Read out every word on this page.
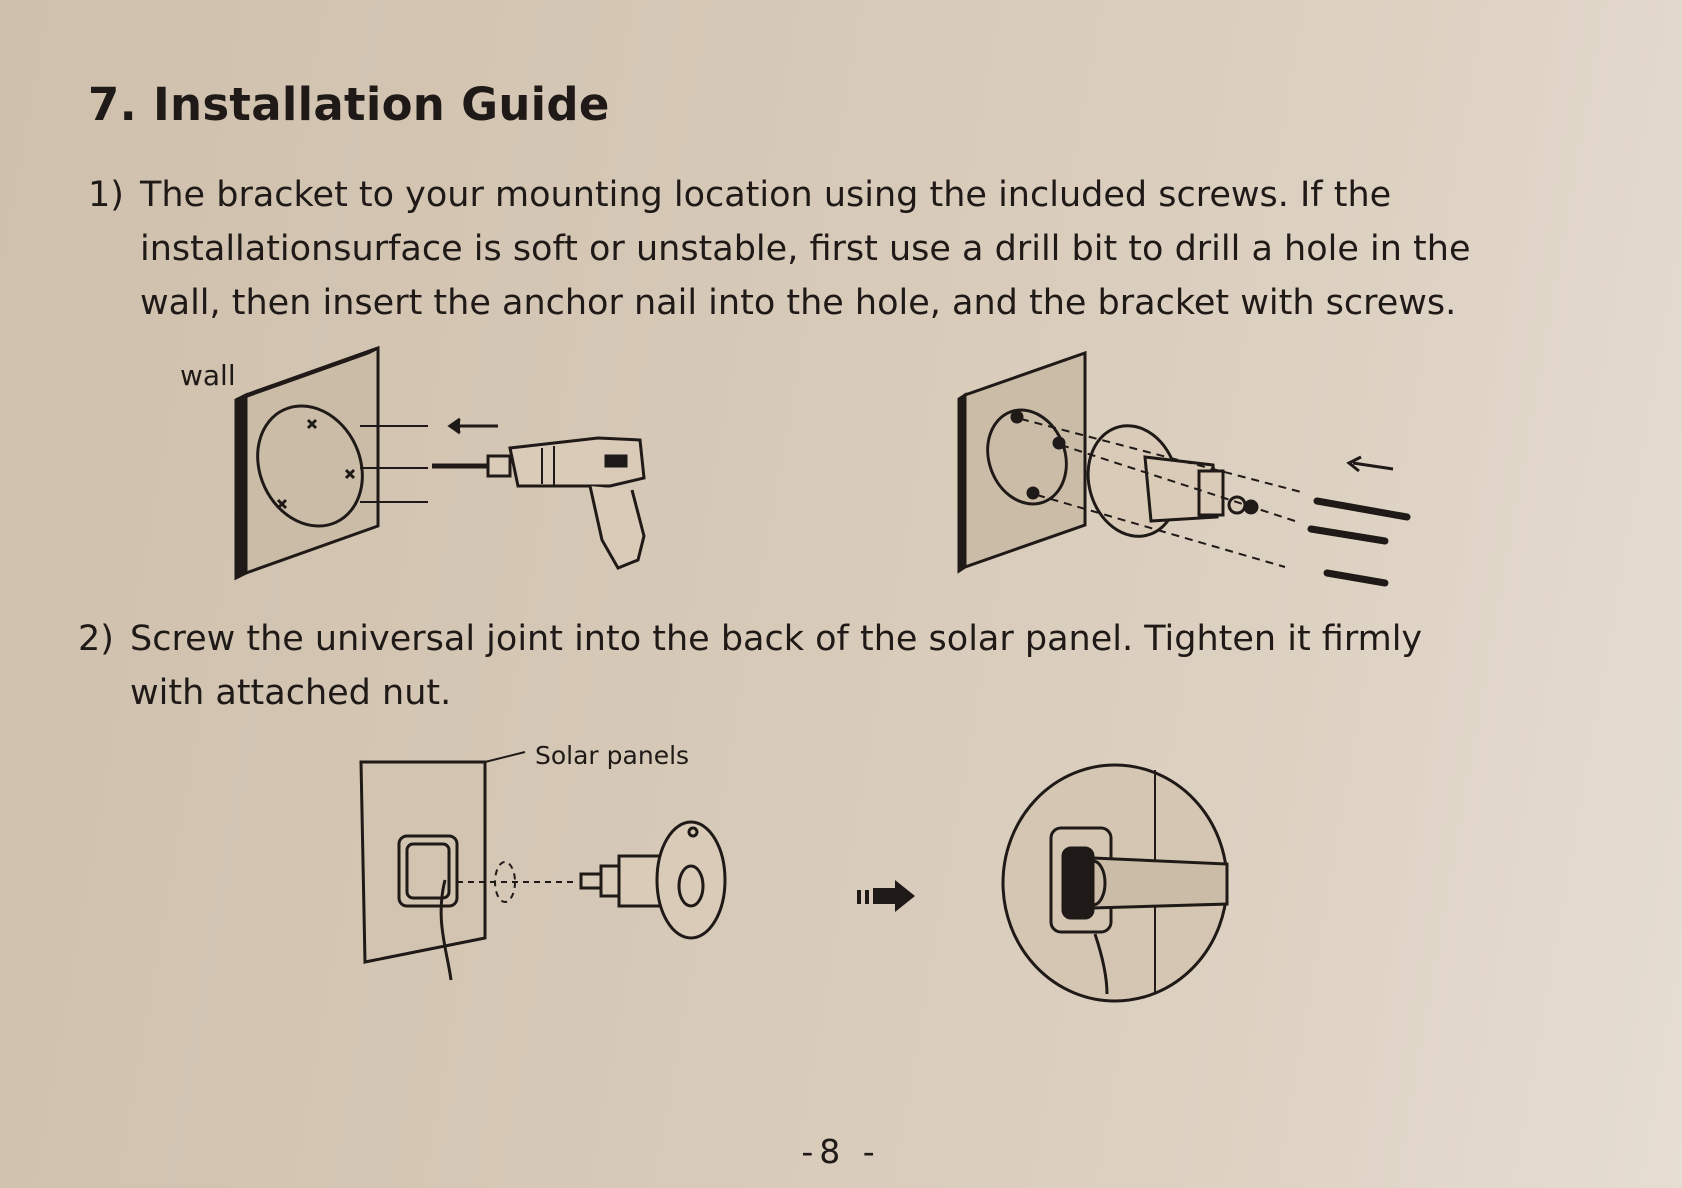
7. Installation Guide
1) The bracket to your mounting location using the included screws. If the
installationsurface is soft or unstable, first use a drill bit to drill a hole in the
wall, then insert the anchor nail into the hole, and the bracket with screws.
wall
2) Screw the universal joint into the back of the solar panel. Tighten it firmly
with attached nut.
Solar panels
-8 -
